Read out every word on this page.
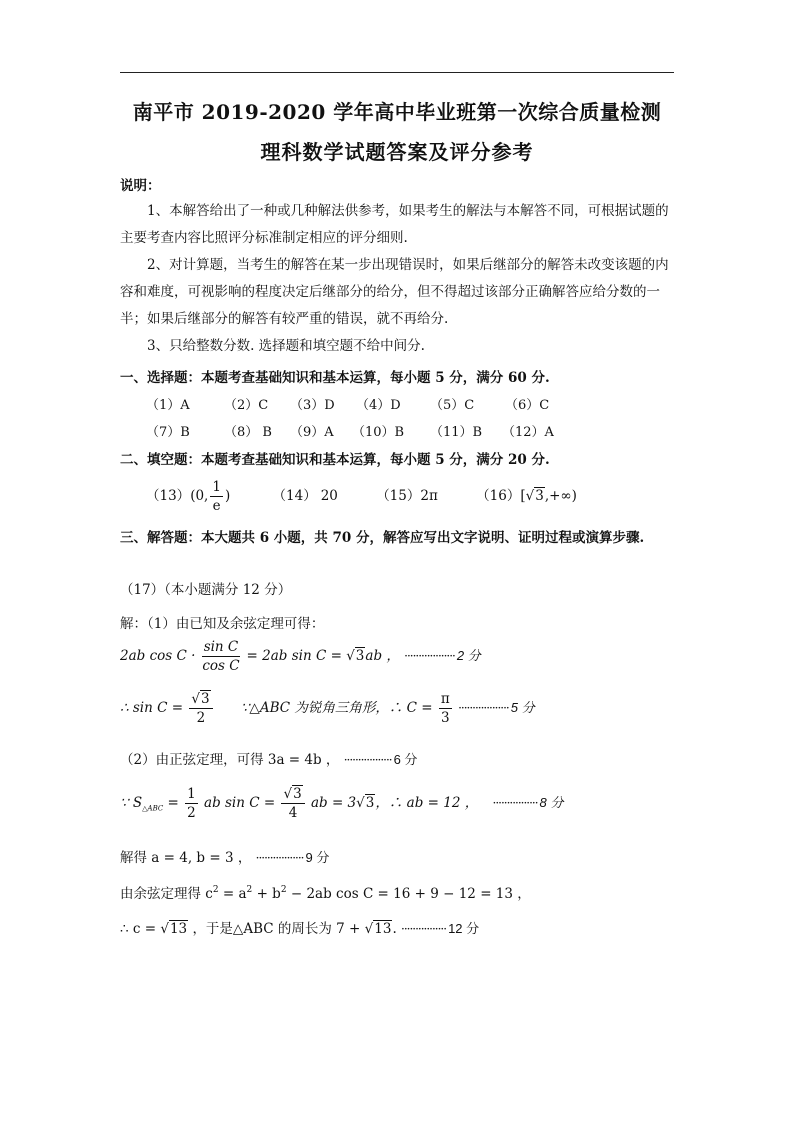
南平市 2019-2020 学年高中毕业班第一次综合质量检测
理科数学试题答案及评分参考
说明：
1、本解答给出了一种或几种解法供参考，如果考生的解法与本解答不同，可根据试题的主要考查内容比照评分标准制定相应的评分细则.
2、对计算题，当考生的解答在某一步出现错误时，如果后继部分的解答未改变该题的内容和难度，可视影响的程度决定后继部分的给分，但不得超过该部分正确解答应给分数的一半；如果后继部分的解答有较严重的错误，就不再给分.
3、只给整数分数. 选择题和填空题不给中间分.
一、选择题：本题考查基础知识和基本运算，每小题 5 分，满分 60 分.
（1）A	（2）C （3）D （4）D （5）C （6）C
（7）B	（8） B （9）A （10）B （11）B （12）A
二、填空题：本题考查基础知识和基本运算，每小题 5 分，满分 20 分.
（13）(0, $\frac{1}{e}$ )	（14） 20	（15）2π	（16）[√3,+∞)
三、解答题：本大题共 6 小题，共 70 分，解答应写出文字说明、证明过程或演算步骤.
（17）（本小题满分 12 分）
解：（1）由已知及余弦定理可得：
2ab $\cos C \cdot \frac{\text{sin C}}{\text{cos C}} = 2ab$ sin C = √3ab ， ·················· 2 分
∴ $\sin C = \frac{√3}{2}$ ∵△ABC 为锐角三角形，∴ $C = \frac{\pi}{3}$ ·················· 5 分
（2）由正弦定理，可得 3a = 4b ， ················· 6 分
∵ $S_{\triangle ABC} = \frac{1}{2}$ ab $\sin C = \frac{√3}{4}$ ab = 3√3，∴ ab = 12 ， ················ 8 分
解得 a = 4, b = 3 ， ················· 9 分
由余弦定理得 $c^2 = a^2 + b^2 - 2ab$ cos C = 16 + 9 − 12 = 13 ，
∴ c = √13 ，于是△ABC 的周长为 7 + √13. ················ 12 分
